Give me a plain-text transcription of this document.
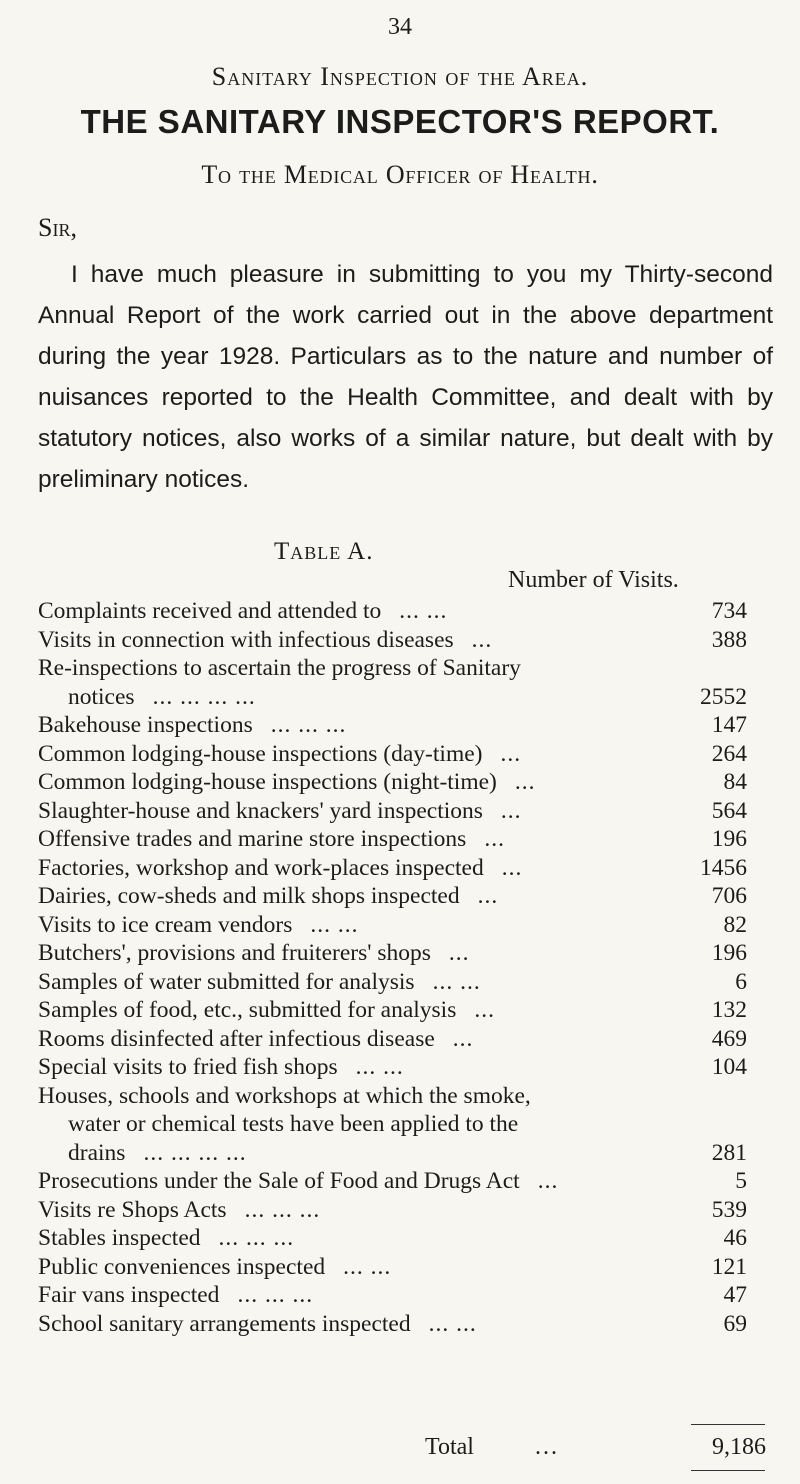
34
Sanitary Inspection of the Area.
THE SANITARY INSPECTOR'S REPORT.
To the Medical Officer of Health.
Sir,

I have much pleasure in submitting to you my Thirty-second Annual Report of the work carried out in the above department during the year 1928. Particulars as to the nature and number of nuisances reported to the Health Committee, and dealt with by statutory notices, also works of a similar nature, but dealt with by preliminary notices.

Table A.
Number of Visits.
Complaints received and attended to ... ...	734
Visits in connection with infectious diseases ...	388
Re-inspections to ascertain the progress of Sanitary
notices ... ... ... ...	2552
Bakehouse inspections ... ... ...	147
Common lodging-house inspections (day-time) ...	264
Common lodging-house inspections (night-time) ...	84
Slaughter-house and knackers' yard inspections ...	564
Offensive trades and marine store inspections ...	196
Factories, workshop and work-places inspected ...	1456
Dairies, cow-sheds and milk shops inspected ...	706
Visits to ice cream vendors ... ...	82
Butchers', provisions and fruiterers' shops ...	196
Samples of water submitted for analysis ... ...	6
Samples of food, etc., submitted for analysis ...	132
Rooms disinfected after infectious disease ...	469
Special visits to fried fish shops ... ...	104
Houses, schools and workshops at which the smoke,
water or chemical tests have been applied to the
drains ... ... ... ...	281
Prosecutions under the Sale of Food and Drugs Act ...	5
Visits re Shops Acts ... ... ...	539
Stables inspected ... ... ...	46
Public conveniences inspected ... ...	121
Fair vans inspected ... ... ...	47
School sanitary arrangements inspected ... ...	69
Total	...	9,186
